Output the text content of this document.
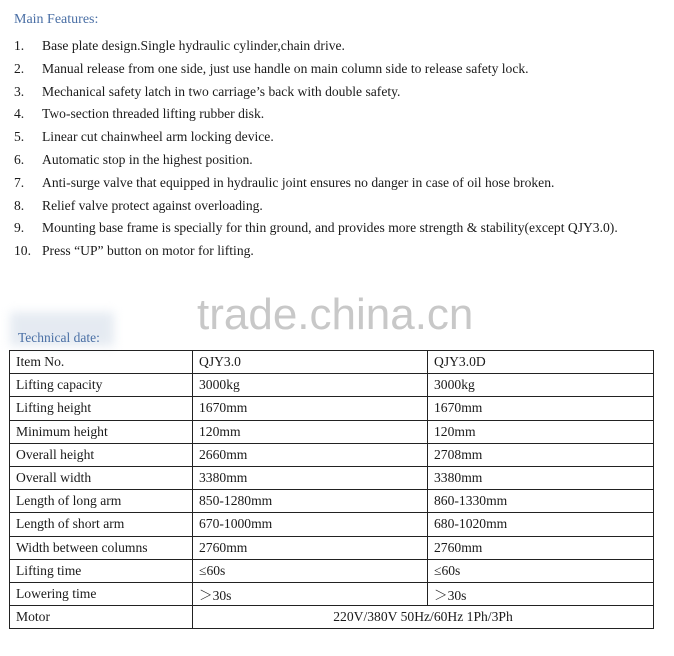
Main Features:
1.	Base plate design.Single hydraulic cylinder,chain drive.
2.	Manual release from one side, just use handle on main column side to release safety lock.
3.	Mechanical safety latch in two carriage’s back with double safety.
4.	Two-section threaded lifting rubber disk.
5.	Linear cut chainwheel arm locking device.
6.	Automatic stop in the highest position.
7.	Anti-surge valve that equipped in hydraulic joint ensures no danger in case of oil hose broken.
8.	Relief valve protect against overloading.
9.	Mounting base frame is specially for thin ground, and provides more strength & stability(except QJY3.0).
10. Press “UP” button on motor for lifting.
trade.china.cn
Technical date:
Item No.	QJY3.0	QJY3.0D
Lifting capacity	3000kg	3000kg
Lifting height	1670mm	1670mm
Minimum height	120mm	120mm
Overall height	2660mm	2708mm
Overall width	3380mm	3380mm
Length of long arm	850-1280mm	860-1330mm
Length of short arm	670-1000mm	680-1020mm
Width between columns	2760mm	2760mm
Lifting time	≤60s	≤60s
Lowering time	＞30s	＞30s
Motor	220V/380V 50Hz/60Hz 1Ph/3Ph	
